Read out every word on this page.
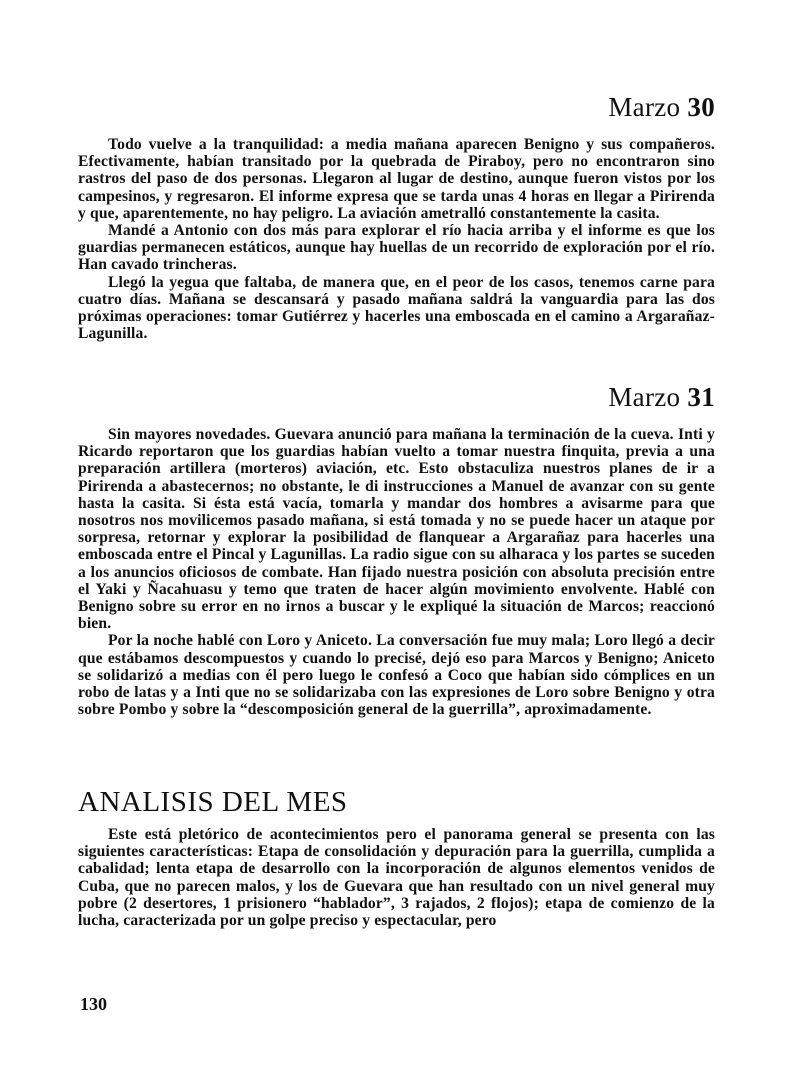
Marzo 30

Todo vuelve a la tranquilidad: a media mañana aparecen Benigno y sus compañeros. Efectivamente, habían transitado por la quebrada de Piraboy, pero no encontraron sino rastros del paso de dos personas. Llegaron al lugar de destino, aunque fueron vistos por los campesinos, y regresaron. El informe expresa que se tarda unas 4 horas en llegar a Pirirenda y que, aparentemente, no hay peligro. La aviación ametralló constantemente la casita.

Mandé a Antonio con dos más para explorar el río hacia arriba y el informe es que los guardias permanecen estáticos, aunque hay huellas de un recorrido de exploración por el río. Han cavado trincheras.

Llegó la yegua que faltaba, de manera que, en el peor de los casos, tenemos carne para cuatro días. Mañana se descansará y pasado mañana saldrá la vanguardia para las dos próximas operaciones: tomar Gutiérrez y hacerles una emboscada en el camino a Argarañaz-Lagunilla.

Marzo 31

Sin mayores novedades. Guevara anunció para mañana la terminación de la cueva. Inti y Ricardo reportaron que los guardias habían vuelto a tomar nuestra finquita, previa a una preparación artillera (morteros) aviación, etc. Esto obstaculiza nuestros planes de ir a Pirirenda a abastecernos; no obstante, le di instrucciones a Manuel de avanzar con su gente hasta la casita. Si ésta está vacía, tomarla y mandar dos hombres a avisarme para que nosotros nos movilicemos pasado mañana, si está tomada y no se puede hacer un ataque por sorpresa, retornar y explorar la posibilidad de flanquear a Argarañaz para hacerles una emboscada entre el Pincal y Lagunillas. La radio sigue con su alharaca y los partes se suceden a los anuncios oficiosos de combate. Han fijado nuestra posición con absoluta precisión entre el Yaki y Ñacahuasu y temo que traten de hacer algún movimiento envolvente. Hablé con Benigno sobre su error en no irnos a buscar y le expliqué la situación de Marcos; reaccionó bien.

Por la noche hablé con Loro y Aniceto. La conversación fue muy mala; Loro llegó a decir que estábamos descompuestos y cuando lo precisé, dejó eso para Marcos y Benigno; Aniceto se solidarizó a medias con él pero luego le confesó a Coco que habían sido cómplices en un robo de latas y a Inti que no se solidarizaba con las expresiones de Loro sobre Benigno y otra sobre Pombo y sobre la “descomposición general de la guerrilla”, aproximadamente.

ANALISIS DEL MES

Este está pletórico de acontecimientos pero el panorama general se presenta con las siguientes características: Etapa de consolidación y depuración para la guerrilla, cumplida a cabalidad; lenta etapa de desarrollo con la incorporación de algunos elementos venidos de Cuba, que no parecen malos, y los de Guevara que han resultado con un nivel general muy pobre (2 desertores, 1 prisionero “hablador”, 3 rajados, 2 flojos); etapa de comienzo de la lucha, caracterizada por un golpe preciso y espectacular, pero

130
